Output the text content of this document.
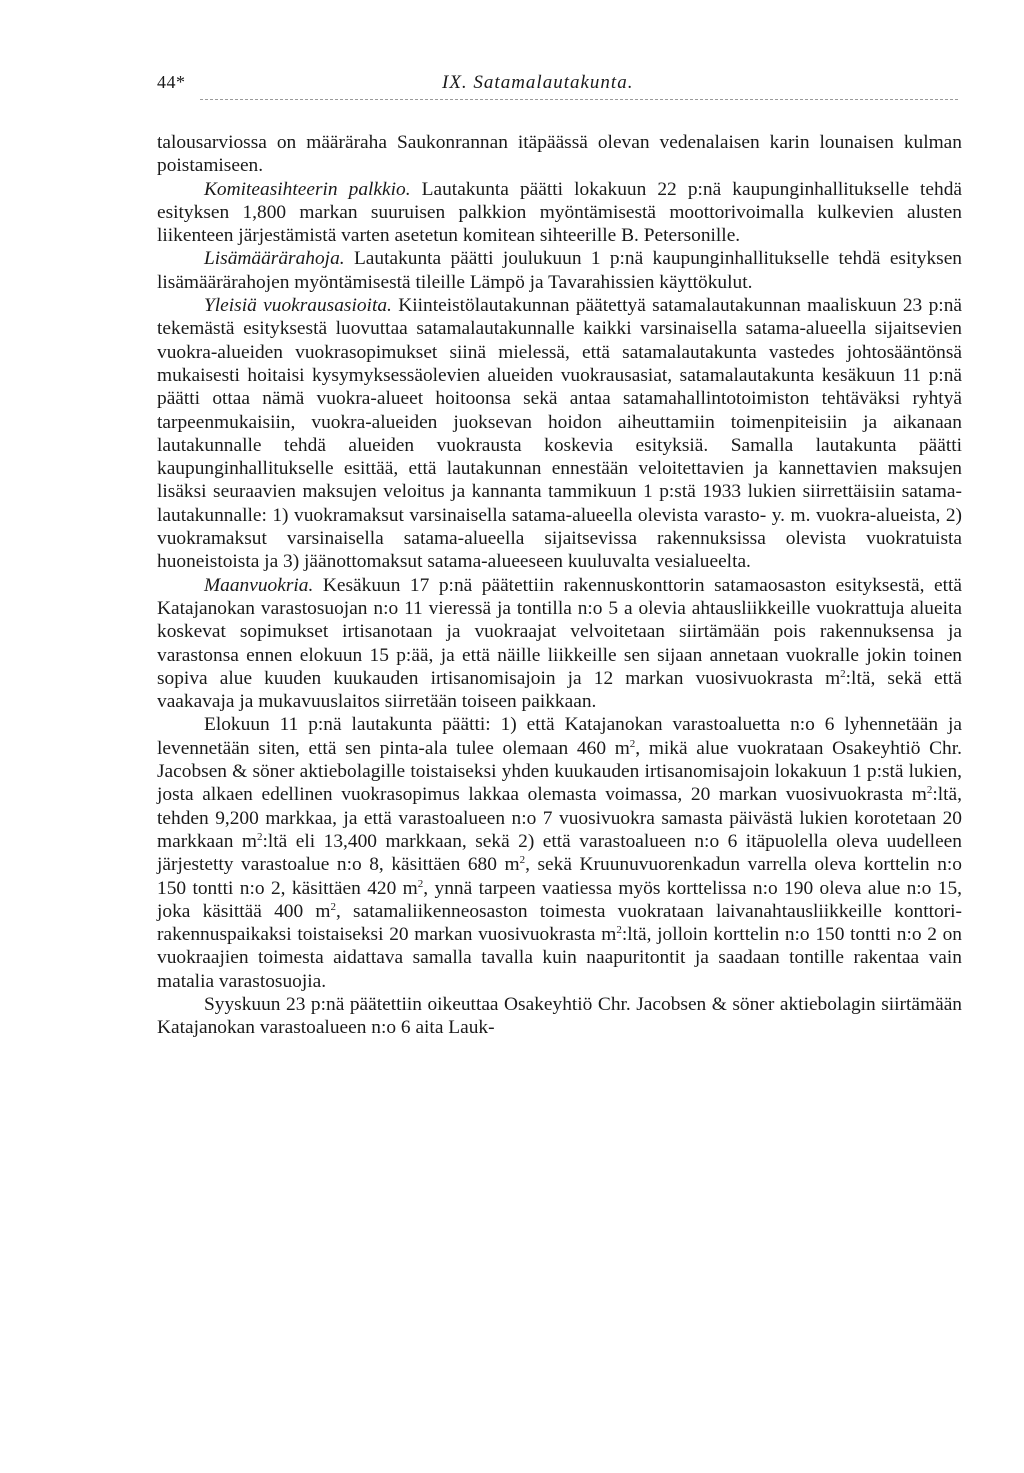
44*	IX. Satamalautakunta.

talousarviossa on määräraha Saukonrannan itäpäässä olevan vedenalaisen karin lounaisen kulman poistamiseen.

Komiteasihteerin palkkio. Lautakunta päätti lokakuun 22 p:nä kaupunginhallitukselle tehdä esityksen 1,800 markan suuruisen palkkion myöntämisestä moottorivoimalla kulkevien alusten liikenteen järjestämistä varten asetetun komitean sihteerille B. Petersonille.

Lisämäärärahoja. Lautakunta päätti joulukuun 1 p:nä kaupunginhallitukselle tehdä esityksen lisämäärärahojen myöntämisestä tileille Lämpö ja Tavarahissien käyttökulut.

Yleisiä vuokrausasioita. Kiinteistölautakunnan päätettyä satamalautakunnan maaliskuun 23 p:nä tekemästä esityksestä luovuttaa satamalautakunnalle kaikki varsinaisella satama-alueella sijaitsevien vuokra-alueiden vuokrasopimukset siinä mielessä, että satamalautakunta vastedes johtosääntönsä mukaisesti hoitaisi kysymyksessäolevien alueiden vuokrausasiat, satamalautakunta kesäkuun 11 p:nä päätti ottaa nämä vuokra-alueet hoitoonsa sekä antaa satamahallintotoimiston tehtäväksi ryhtyä tarpeenmukaisiin, vuokra-alueiden juoksevan hoidon aiheuttamiin toimenpiteisiin ja aikanaan lautakunnalle tehdä alueiden vuokrausta koskevia esityksiä. Samalla lautakunta päätti kaupunginhallitukselle esittää, että lautakunnan ennestään veloitettavien ja kannettavien maksujen lisäksi seuraavien maksujen veloitus ja kannanta tammikuun 1 p:stä 1933 lukien siirrettäisiin satamalautakunnalle: 1) vuokramaksut varsinaisella satama-alueella olevista varasto- y. m. vuokra-alueista, 2) vuokramaksut varsinaisella satama-alueella sijaitsevissa rakennuksissa olevista vuokratuista huoneistoista ja 3) jäänottomaksut satama-alueeseen kuuluvalta vesialueelta.

Maanvuokria. Kesäkuun 17 p:nä päätettiin rakennuskonttorin satamaosaston esityksestä, että Katajanokan varastosuojan n:o 11 vieressä ja tontilla n:o 5 a olevia ahtausliikkeille vuokrattuja alueita koskevat sopimukset irtisanotaan ja vuokraajat velvoitetaan siirtämään pois rakennuksensa ja varastonsa ennen elokuun 15 p:ää, ja että näille liikkeille sen sijaan annetaan vuokralle jokin toinen sopiva alue kuuden kuukauden irtisanomisajoin ja 12 markan vuosivuokrasta $m^2:ltä$, sekä että vaakavaja ja mukavuuslaitos siirretään toiseen paikkaan.

Elokuun 11 p:nä lautakunta päätti: 1) että Katajanokan varastoaluetta n:o 6 lyhennetään ja levennetään siten, että sen pinta-ala tulee olemaan 460 $m^2$, mikä alue vuokrataan Osakeyhtiö Chr. Jacobsen & söner aktiebolagille toistaiseksi yhden kuukauden irtisanomisajoin lokakuun 1 p:stä lukien, josta alkaen edellinen vuokrasopimus lakkaa olemasta voimassa, 20 markan vuosivuokrasta $m^2:ltä$, tehden 9,200 markkaa, ja että varastoalueen n:o 7 vuosivuokra samasta päivästä lukien korotetaan 20 markkaan $m^2:ltä$ eli 13,400 markkaan, sekä 2) että varastoalueen n:o 6 itäpuolella oleva uudelleen järjestetty varastoalue n:o 8, käsittäen 680 $m^2$, sekä Kruunuvuorenkadun varrella oleva korttelin n:o 150 tontti n:o 2, käsittäen 420 $m^2$, ynnä tarpeen vaatiessa myös korttelissa n:o 190 oleva alue n:o 15, joka käsittää 400 $m^2$, satamaliikenneosaston toimesta vuokrataan laivanahtausliikkeille konttorirakennuspaikaksi toistaiseksi 20 markan vuosivuokrasta $m^2:ltä$, jolloin korttelin n:o 150 tontti n:o 2 on vuokraajien toimesta aidattava samalla tavalla kuin naapuritontit ja saadaan tontille rakentaa vain matalia varastosuojia.

Syyskuun 23 p:nä päätettiin oikeuttaa Osakeyhtiö Chr. Jacobsen & söner aktiebolagin siirtämään Katajanokan varastoalueen n:o 6 aita Lauk-
